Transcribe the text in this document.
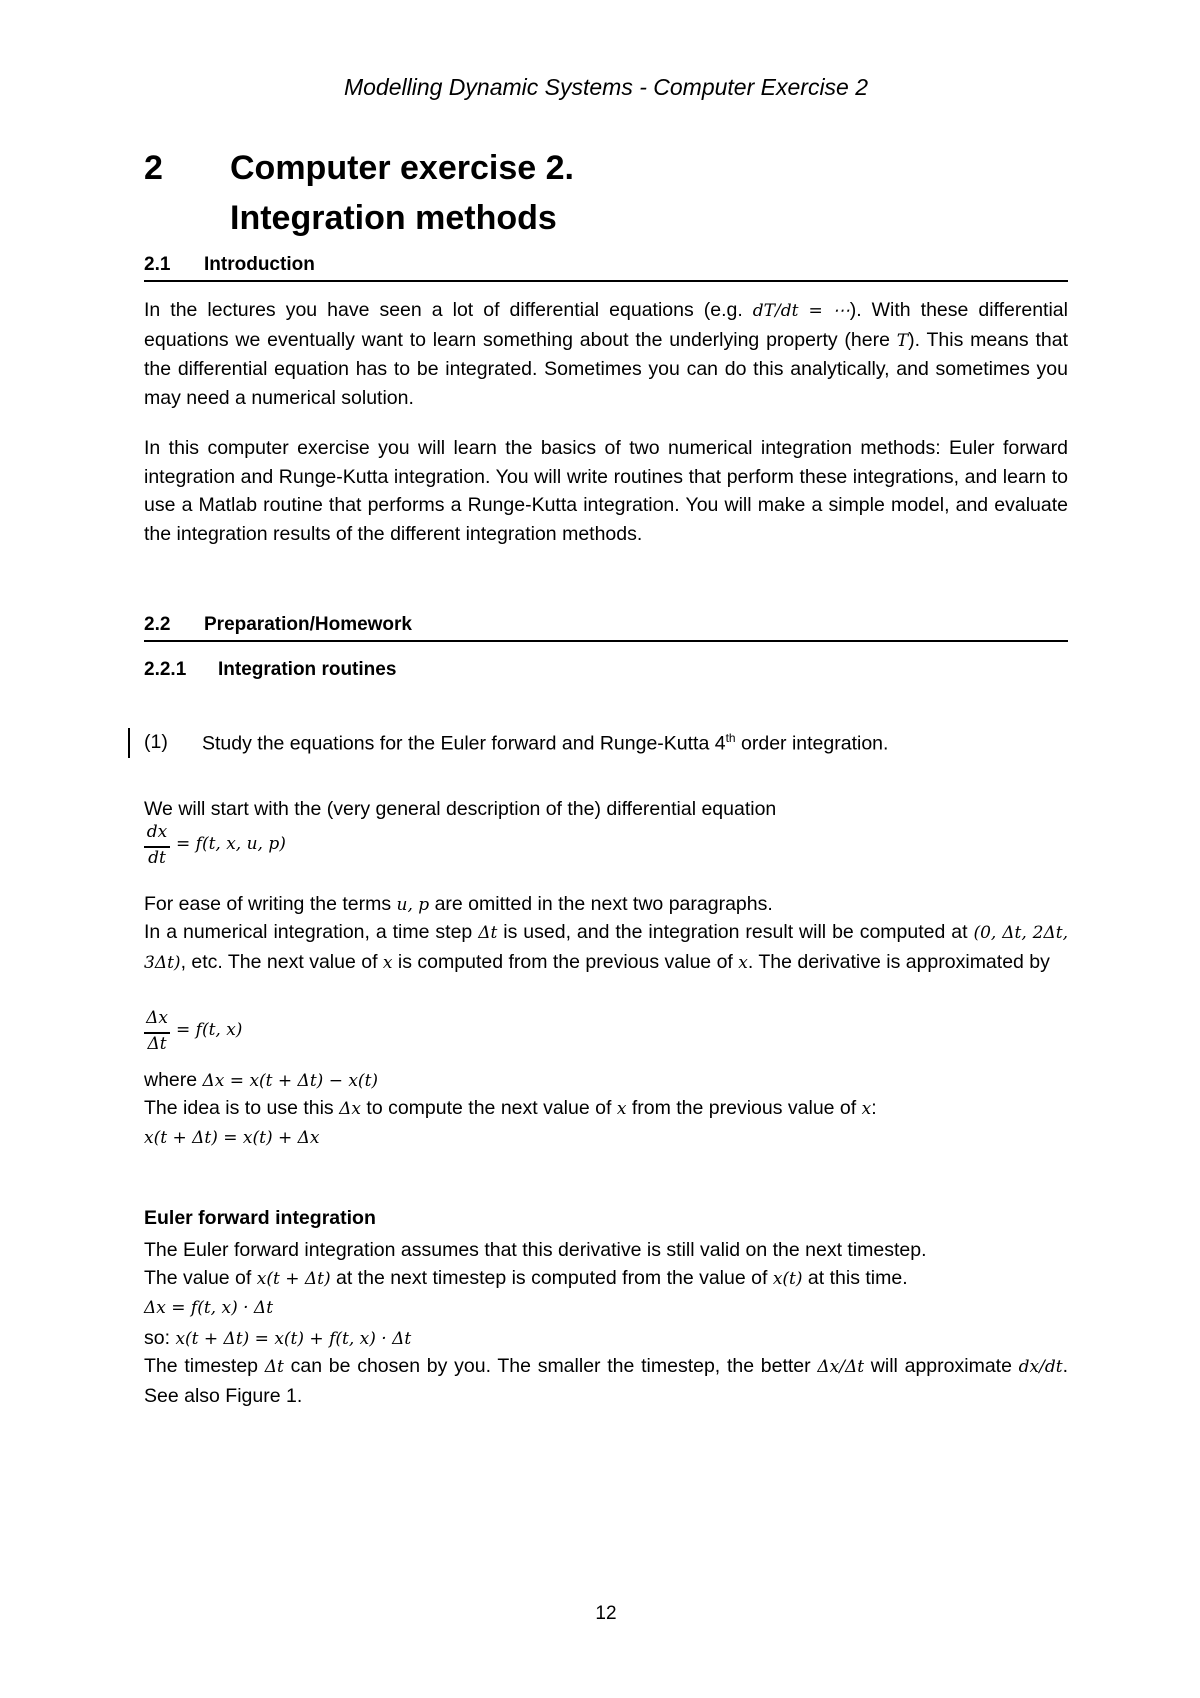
Modelling Dynamic Systems - Computer Exercise 2
2 Computer exercise 2.
Integration methods
2.1 Introduction
In the lectures you have seen a lot of differential equations (e.g. dT/dt = ⋯). With these differential equations we eventually want to learn something about the underlying property (here T). This means that the differential equation has to be integrated. Sometimes you can do this analytically, and sometimes you may need a numerical solution.
In this computer exercise you will learn the basics of two numerical integration methods: Euler forward integration and Runge-Kutta integration. You will write routines that perform these integrations, and learn to use a Matlab routine that performs a Runge-Kutta integration. You will make a simple model, and evaluate the integration results of the different integration methods.
2.2 Preparation/Homework
2.2.1 Integration routines
(1) Study the equations for the Euler forward and Runge-Kutta 4th order integration.
We will start with the (very general description of the) differential equation
dx
dt
= f(t, x, u, p)
For ease of writing the terms u, p are omitted in the next two paragraphs.
In a numerical integration, a time step Δt is used, and the integration result will be computed at (0, Δt, 2Δt, 3Δt), etc. The next value of x is computed from the previous value of x. The derivative is approximated by
Δx
Δt
= f(t, x)
where Δx = x(t + Δt) − x(t)
The idea is to use this Δx to compute the next value of x from the previous value of x:
x(t + Δt) = x(t) + Δx
Euler forward integration
The Euler forward integration assumes that this derivative is still valid on the next timestep.
The value of x(t + Δt) at the next timestep is computed from the value of x(t) at this time.
Δx = f(t, x) · Δt
so: x(t + Δt) = x(t) + f(t, x) · Δt
The timestep Δt can be chosen by you. The smaller the timestep, the better Δx/Δt will approximate dx/dt. See also Figure 1.
12
